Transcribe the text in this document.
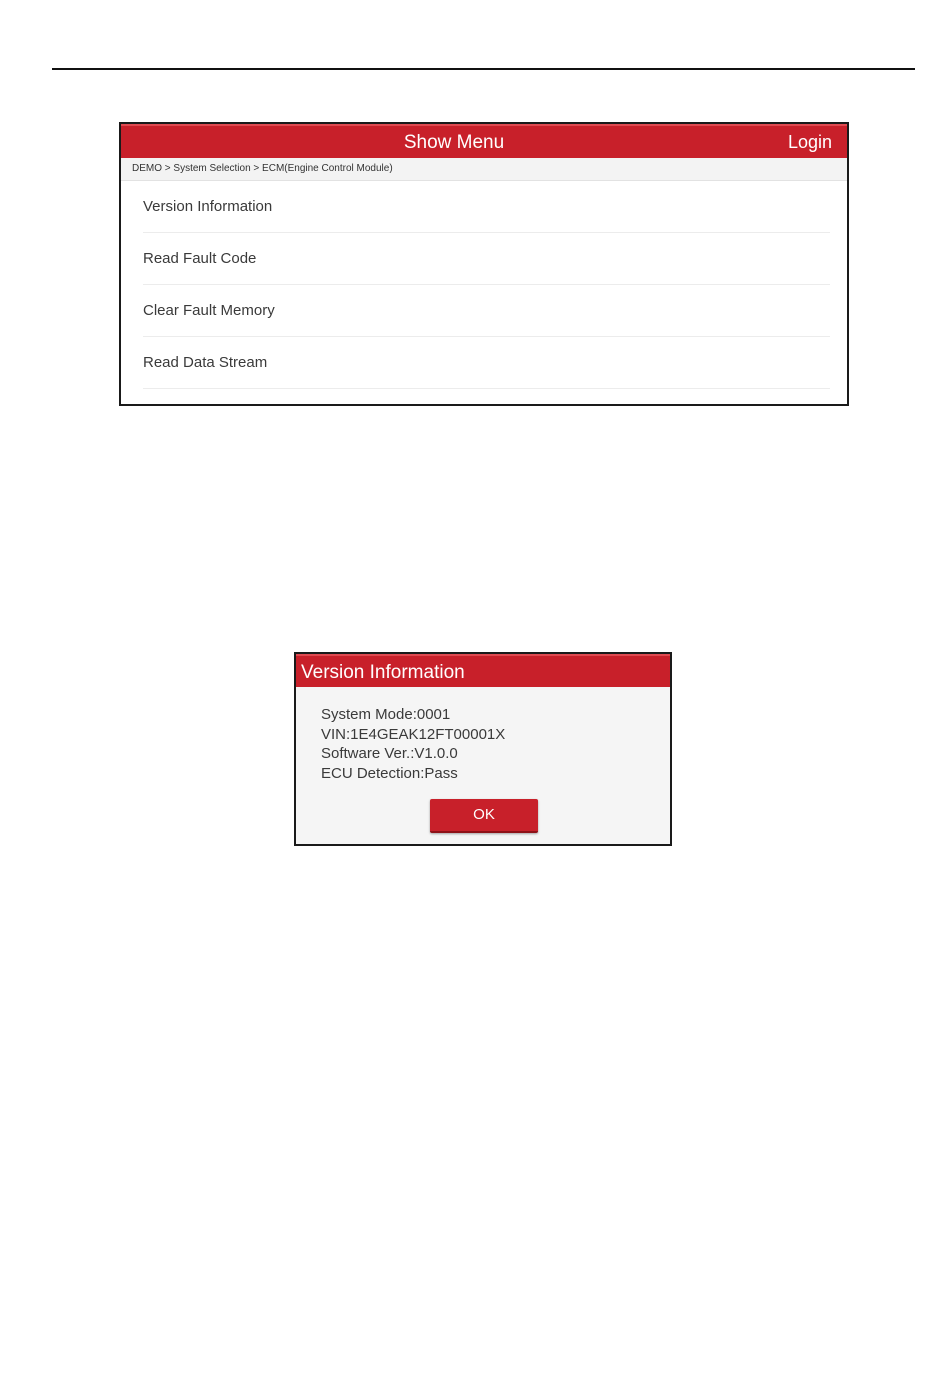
Show Menu	Login
DEMO > System Selection > ECM(Engine Control Module)
Version Information
Read Fault Code
Clear Fault Memory
Read Data Stream
Version Information
System Mode:0001
VIN:1E4GEAK12FT00001X
Software Ver.:V1.0.0
ECU Detection:Pass
OK
